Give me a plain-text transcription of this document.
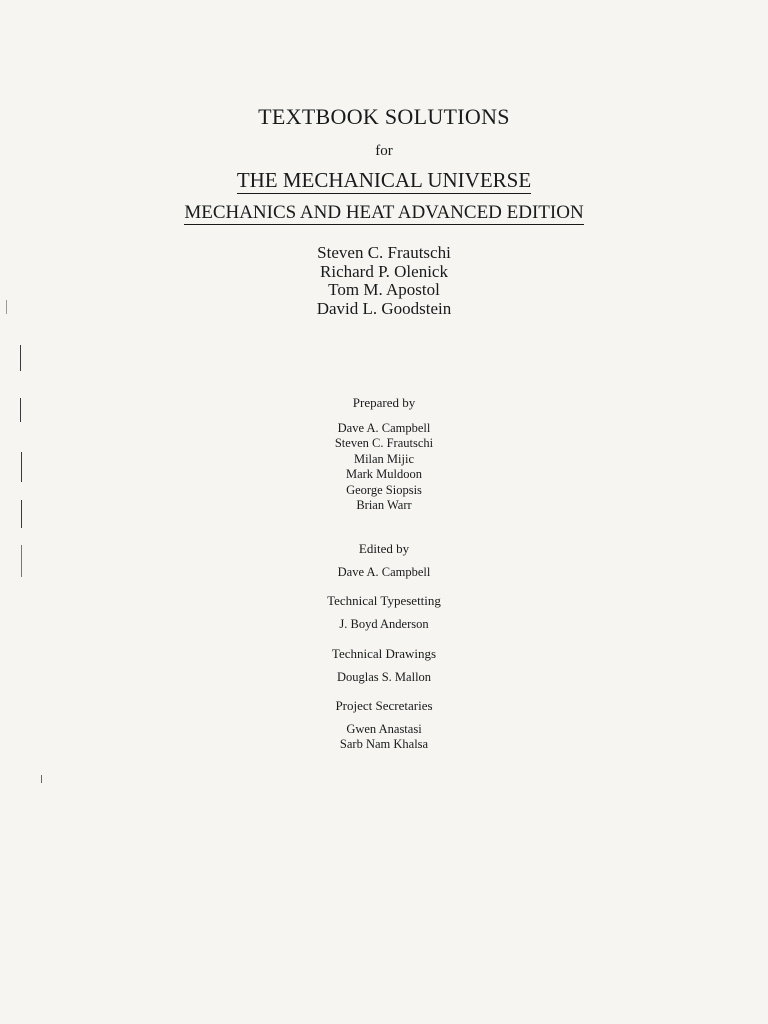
TEXTBOOK SOLUTIONS
for
THE MECHANICAL UNIVERSE
MECHANICS AND HEAT ADVANCED EDITION
Steven C. Frautschi
Richard P. Olenick
Tom M. Apostol
David L. Goodstein
Prepared by
Dave A. Campbell
Steven C. Frautschi
Milan Mijic
Mark Muldoon
George Siopsis
Brian Warr
Edited by
Dave A. Campbell
Technical Typesetting
J. Boyd Anderson
Technical Drawings
Douglas S. Mallon
Project Secretaries
Gwen Anastasi
Sarb Nam Khalsa
